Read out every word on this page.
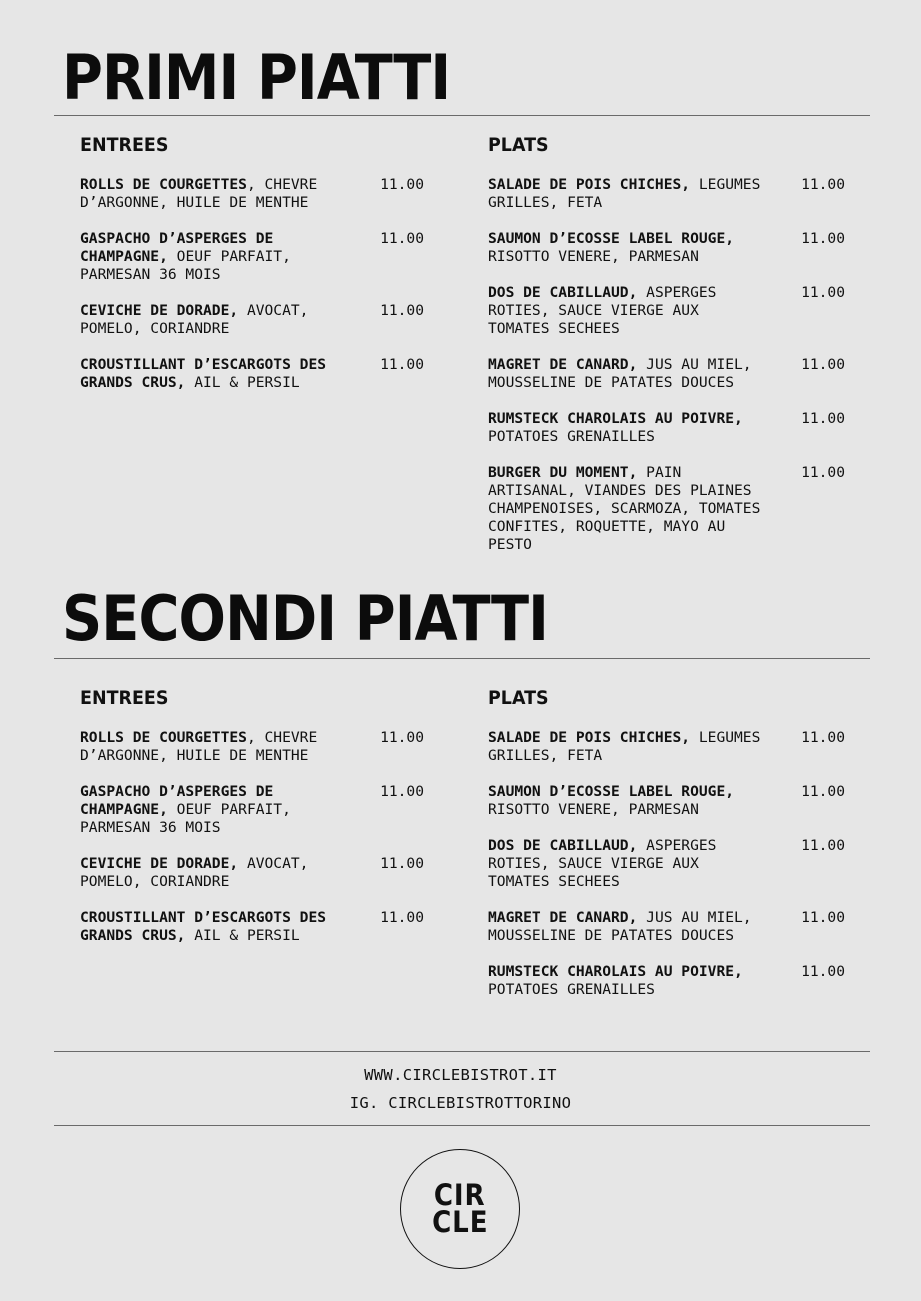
PRIMI PIATTI
ENTREES	PLATS
ROLLS DE COURGETTES, CHEVRE D’ARGONNE, HUILE DE MENTHE
11.00
GASPACHO D’ASPERGES DE CHAMPAGNE, OEUF PARFAIT, PARMESAN 36 MOIS
11.00
CEVICHE DE DORADE, AVOCAT, POMELO, CORIANDRE
11.00
CROUSTILLANT D’ESCARGOTS DES GRANDS CRUS, AIL & PERSIL
11.00
SALADE DE POIS CHICHES, LEGUMES GRILLES, FETA
11.00
SAUMON D’ECOSSE LABEL ROUGE, RISOTTO VENERE, PARMESAN
11.00
DOS DE CABILLAUD, ASPERGES ROTIES, SAUCE VIERGE AUX TOMATES SECHEES
11.00
MAGRET DE CANARD, JUS AU MIEL, MOUSSELINE DE PATATES DOUCES
11.00
RUMSTECK CHAROLAIS AU POIVRE, POTATOES GRENAILLES
11.00
BURGER DU MOMENT, PAIN ARTISANAL, VIANDES DES PLAINES CHAMPENOISES, SCARMOZA, TOMATES CONFITES, ROQUETTE, MAYO AU PESTO
11.00
SECONDI PIATTI
ENTREES	PLATS
ROLLS DE COURGETTES, CHEVRE D’ARGONNE, HUILE DE MENTHE
11.00
GASPACHO D’ASPERGES DE CHAMPAGNE, OEUF PARFAIT, PARMESAN 36 MOIS
11.00
CEVICHE DE DORADE, AVOCAT, POMELO, CORIANDRE
11.00
CROUSTILLANT D’ESCARGOTS DES GRANDS CRUS, AIL & PERSIL
11.00
SALADE DE POIS CHICHES, LEGUMES GRILLES, FETA
11.00
SAUMON D’ECOSSE LABEL ROUGE, RISOTTO VENERE, PARMESAN
11.00
DOS DE CABILLAUD, ASPERGES ROTIES, SAUCE VIERGE AUX TOMATES SECHEES
11.00
MAGRET DE CANARD, JUS AU MIEL, MOUSSELINE DE PATATES DOUCES
11.00
RUMSTECK CHAROLAIS AU POIVRE, POTATOES GRENAILLES
11.00
WWW.CIRCLEBISTROT.IT
IG. CIRCLEBISTROTTORINO
CIR
CLE
